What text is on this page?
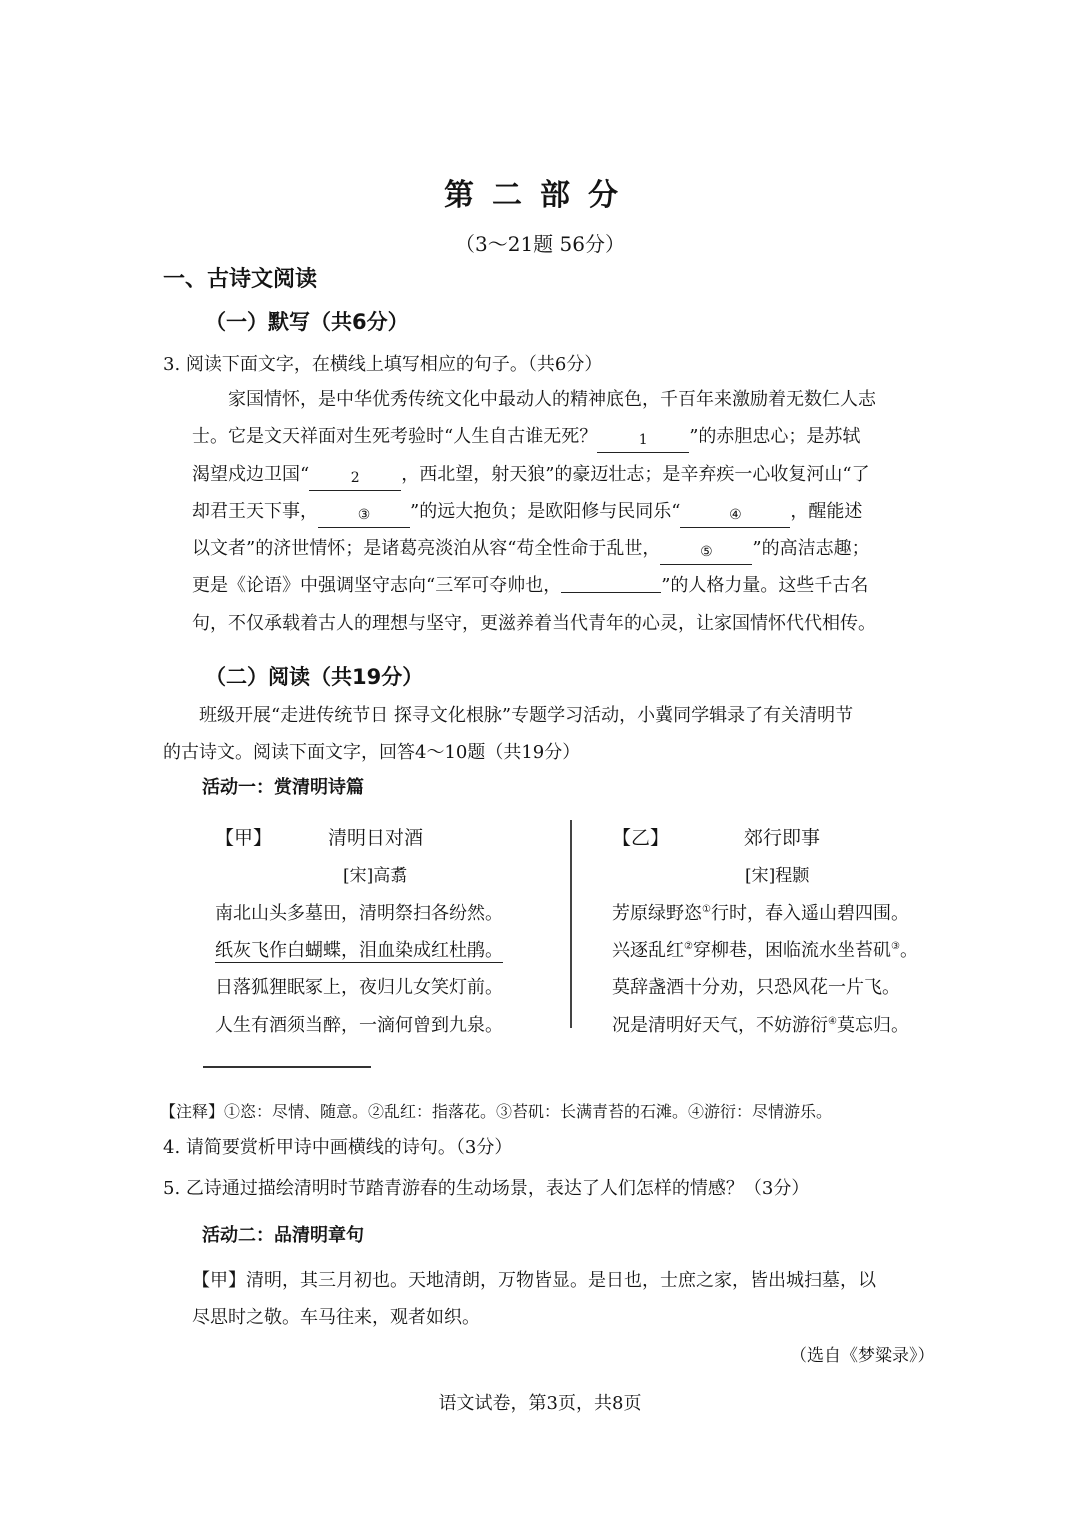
第二部分
（3～21题 56分）
一、古诗文阅读
（一）默写（共6分）
3. 阅读下面文字，在横线上填写相应的句子。（共6分）
家国情怀，是中华优秀传统文化中最动人的精神底色，千百年来激励着无数仁人志
士。它是文天祥面对生死考验时“人生自古谁无死？	1 ”的赤胆忠心；是苏轼
渴望戍边卫国“	2 ，西北望，射天狼”的豪迈壮志；是辛弃疾一心收复河山“了
却君王天下事，	③ ”的远大抱负；是欧阳修与民同乐“	④	，醒能述
以文者”的济世情怀；是诸葛亮淡泊从容“苟全性命于乱世，	⑤ ”的高洁志趣；
更是《论语》中强调坚守志向“三军可夺帅也，	”的人格力量。这些千古名
句，不仅承载着古人的理想与坚守，更滋养着当代青年的心灵，让家国情怀代代相传。
（二）阅读（共19分）
班级开展“走进传统节日 探寻文化根脉”专题学习活动，小冀同学辑录了有关清明节
的古诗文。阅读下面文字，回答4～10题（共19分）
活动一：赏清明诗篇
【甲】	清明日对酒
[宋]高翥
南北山头多墓田，清明祭扫各纷然。
纸灰飞作白蝴蝶，泪血染成红杜鹃。
日落狐狸眠冢上，夜归儿女笑灯前。
人生有酒须当醉，一滴何曾到九泉。
【乙】	郊行即事
[宋]程颢
芳原绿野恣①行时，春入遥山碧四围。
兴逐乱红②穿柳巷，困临流水坐苔矶③。
莫辞盏酒十分劝，只恐风花一片飞。
况是清明好天气，不妨游衍④莫忘归。
【注释】①恣：尽情、随意。②乱红：指落花。③苔矶：长满青苔的石滩。④游衍：尽情游乐。
4. 请简要赏析甲诗中画横线的诗句。（3分）
5. 乙诗通过描绘清明时节踏青游春的生动场景，表达了人们怎样的情感？（3分）
活动二：品清明章句
【甲】清明，其三月初也。天地清朗，万物皆显。是日也，士庶之家，皆出城扫墓，以
尽思时之敬。车马往来，观者如织。
（选自《梦粱录》）
语文试卷，第3页，共8页
